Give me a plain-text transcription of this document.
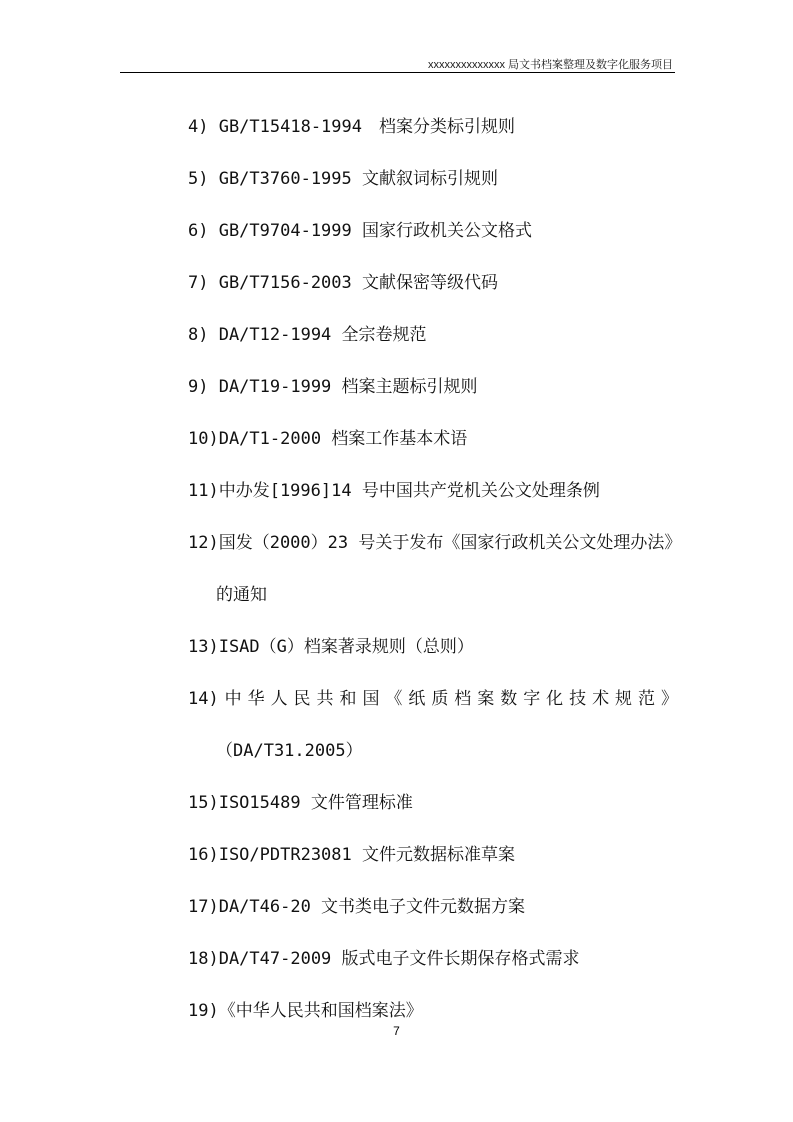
xxxxxxxxxxxxxx 局文书档案整理及数字化服务项目
4) GB/T15418-1994　档案分类标引规则
5) GB/T3760-1995 文献叙词标引规则
6) GB/T9704-1999 国家行政机关公文格式
7) GB/T7156-2003 文献保密等级代码
8) DA/T12-1994 全宗卷规范
9) DA/T19-1999 档案主题标引规则
10)DA/T1-2000 档案工作基本术语
11)中办发[1996]14 号中国共产党机关公文处理条例
12)国发（2000）23 号关于发布《国家行政机关公文处理办法》的通知
13)ISAD（G）档案著录规则（总则）
14)中华人民共和国《纸质档案数字化技术规范》（DA/T31.2005）
15)ISO15489 文件管理标准
16)ISO/PDTR23081 文件元数据标准草案
17)DA/T46-20 文书类电子文件元数据方案
18)DA/T47-2009 版式电子文件长期保存格式需求
19)《中华人民共和国档案法》
7
